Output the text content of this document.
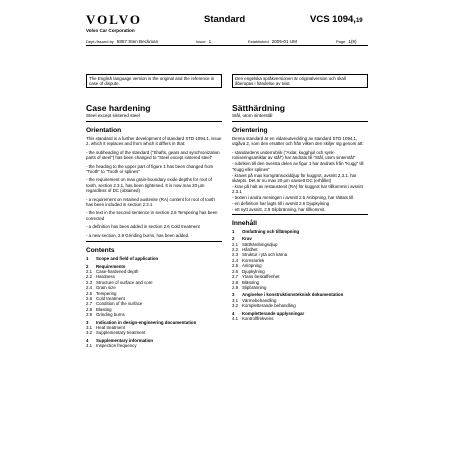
VOLVO
Volvo Car Corporation
Standard	VCS 1094,19
Dept./Issued by 5857 Sten Beckman	Issue 1	Established 2005-01 UM	Page 1(9)
The English language version is the original and the reference in case of dispute.
Den engelska språkversionen är originalversion och skall åberopas i händelse av tvist.
Case hardening
Steel except sintered steel
Orientation

This standard is a further development of standard STD 1094,1, issue 2, which it replaces and from which it differs in that:

- the subheading of the standard ("Shafts, gears and synchronization parts of steel") has been changed to "Steel except sintered steel"
- the heading to the upper part of figure 1 has been changed from "Tooth" to "Tooth or splines"
- the requirement on max grain-boundary oxide depths for root of tooth, section 2.3.1, has been tightened. It is now max 20 μm regardless of DC (obtained)
- a requirement on retained austenite (RA) content for root of tooth has been included in section 2.3.1
- the text in the second sentence in section 2.5 Tempering has been corrected
- a definition has been added in section 2.6 Cold treatment
- a new section, 2.9 Grinding burns, has been added.
Contents
1	Scope and field of application
2	Requirements
2.1 Case-hardened depth
2.2 Hardness
2.3 Structure of surface and core
2.4 Grain size
2.5 Tempering
2.6 Cold treatment
2.7 Condition of the surface
2.8 Blasting
2.9 Grinding burns
3	Indication in design-engineering documentation
3.1 Heat treatment
3.2 Supplementary treatment
4	Supplementary information
4.1 Inspection frequency
Sätthärdning
Stål, utom sinterstål
Orientering

Denna standard är en vidareutveckling av standard STD 1094,1, utgåva 2, som den ersätter och från vilken den skiljer sig genom att:

- standardens underrubrik ("Axlar, kugghjul och synk-roniseringsartiklar av stål") har ändrats till "Stål, utom sinterstål"
- rubriken till den översta delen av figur 1 har ändrats från "Kugg" till "Kugg eller splines"
- kravet på max korngränsoxiddjup för kuggrot, avsnitt 2.3.1, har skärpts. Det är nu max 20 μm oavsett DC (erhållet)
- krav på halt av restaustenit (RA) för kuggrot har tillkommit i avsnitt 2.3.1
- texten i andra meningen i avsnitt 2.5 Anlöpning, har rättats till
- en definition har lagts till i avsnitt 2.6 Djupkylning
- ett nytt avsnitt, 2.9 Slipbränning, har tillkommit.
Innehåll
1	Omfattning och tillämpning
2	Krav
2.1 Sätthärdningsdjup
2.2 Hårdhet
2.3 Struktur i yta och kärna
2.4 Kornstorlek
2.5 Anlöpning
2.6 Djupkylning
2.7 Ytans beskaffenhet
2.8 Blästring
2.9 Slipbränning
3	Angivelse i konstruktionsteknisk dokumentation
3.1 Värmebehandling
3.2 Kompletterande behandling
4	Kompletterande upplysningar
4.1 Kontrollfrekvens
